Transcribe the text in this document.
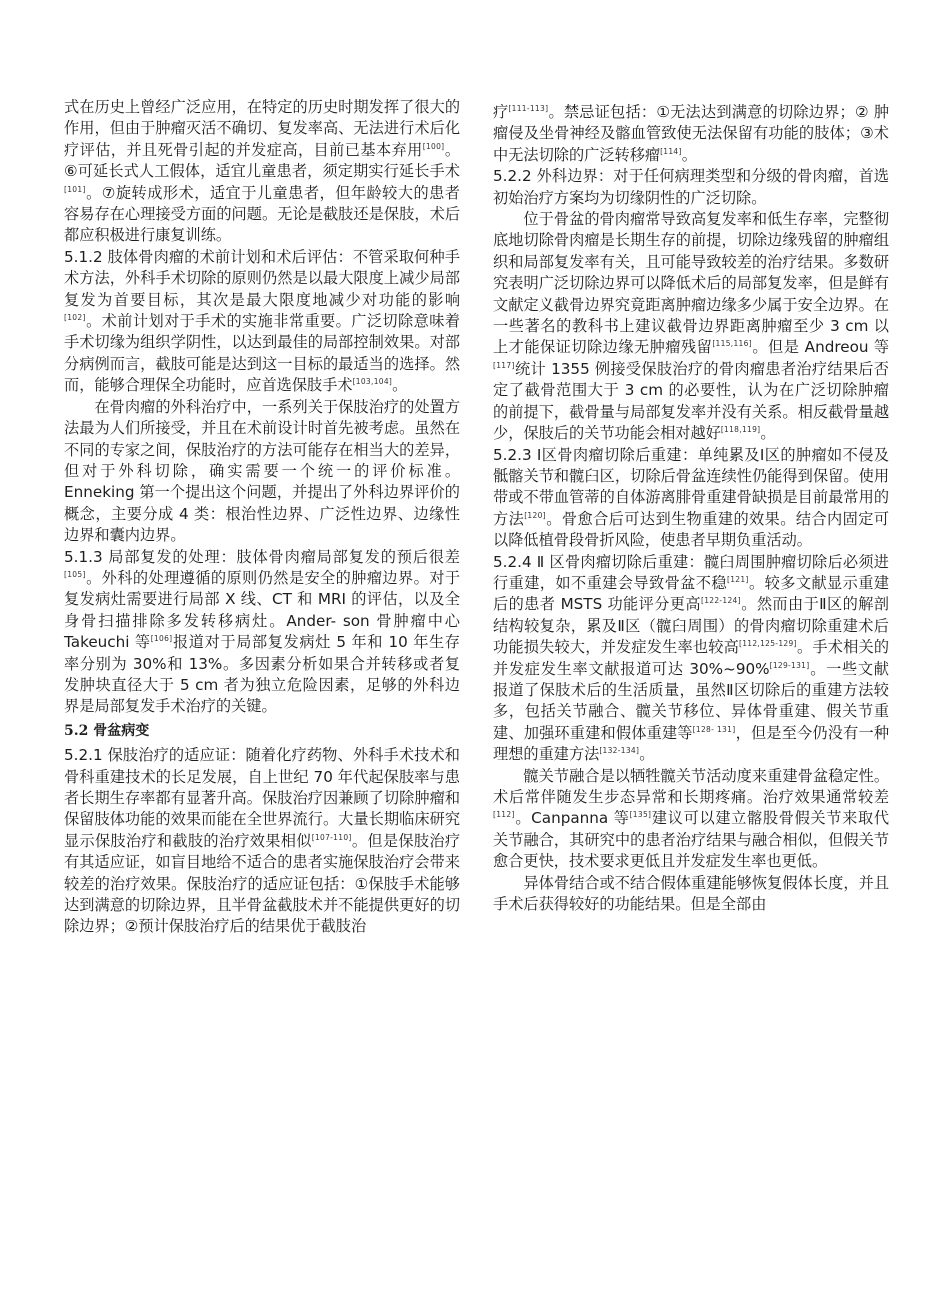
式在历史上曾经广泛应用，在特定的历史时期发挥了很大的作用，但由于肿瘤灭活不确切、复发率高、无法进行术后化疗评估，并且死骨引起的并发症高，目前已基本弃用[100]。⑥可延长式人工假体，适宜儿童患者，须定期实行延长手术[101]。⑦旋转成形术，适宜于儿童患者，但年龄较大的患者容易存在心理接受方面的问题。无论是截肢还是保肢，术后都应积极进行康复训练。

5.1.2 肢体骨肉瘤的术前计划和术后评估：不管采取何种手术方法，外科手术切除的原则仍然是以最大限度上减少局部复发为首要目标，其次是最大限度地减少对功能的影响[102]。术前计划对于手术的实施非常重要。广泛切除意味着手术切缘为组织学阴性，以达到最佳的局部控制效果。对部分病例而言，截肢可能是达到这一目标的最适当的选择。然而，能够合理保全功能时，应首选保肢手术[103,104]。

在骨肉瘤的外科治疗中，一系列关于保肢治疗的处置方法最为人们所接受，并且在术前设计时首先被考虑。虽然在不同的专家之间，保肢治疗的方法可能存在相当大的差异，但对于外科切除，确实需要一个统一的评价标准。 Enneking 第一个提出这个问题，并提出了外科边界评价的概念，主要分成 4 类：根治性边界、广泛性边界、边缘性边界和囊内边界。

5.1.3 局部复发的处理：肢体骨肉瘤局部复发的预后很差[105]。外科的处理遵循的原则仍然是安全的肿瘤边界。对于复发病灶需要进行局部 X 线、CT 和 MRI 的评估，以及全身骨扫描排除多发转移病灶。Ander- son 骨肿瘤中心 Takeuchi 等[106]报道对于局部复发病灶 5 年和 10 年生存率分别为 30%和 13%。多因素分析如果合并转移或者复发肿块直径大于 5 cm 者为独立危险因素，足够的外科边界是局部复发手术治疗的关键。

5.2 骨盆病变

5.2.1 保肢治疗的适应证：随着化疗药物、外科手术技术和骨科重建技术的长足发展，自上世纪 70 年代起保肢率与患者长期生存率都有显著升高。保肢治疗因兼顾了切除肿瘤和保留肢体功能的效果而能在全世界流行。大量长期临床研究显示保肢治疗和截肢的治疗效果相似[107-110]。但是保肢治疗有其适应证，如盲目地给不适合的患者实施保肢治疗会带来较差的治疗效果。保肢治疗的适应证包括：①保肢手术能够达到满意的切除边界，且半骨盆截肢术并不能提供更好的切除边界；②预计保肢治疗后的结果优于截肢治

疗[111-113]。禁忌证包括：①无法达到满意的切除边界；② 肿瘤侵及坐骨神经及髂血管致使无法保留有功能的肢体；③术中无法切除的广泛转移瘤[114]。

5.2.2 外科边界：对于任何病理类型和分级的骨肉瘤，首选初始治疗方案均为切缘阴性的广泛切除。

位于骨盆的骨肉瘤常导致高复发率和低生存率，完整彻底地切除骨肉瘤是长期生存的前提，切除边缘残留的肿瘤组织和局部复发率有关，且可能导致较差的治疗结果。多数研究表明广泛切除边界可以降低术后的局部复发率，但是鲜有文献定义截骨边界究竟距离肿瘤边缘多少属于安全边界。在一些著名的教科书上建议截骨边界距离肿瘤至少 3 cm 以上才能保证切除边缘无肿瘤残留[115,116]。但是 Andreou 等[117]统计 1355 例接受保肢治疗的骨肉瘤患者治疗结果后否定了截骨范围大于 3 cm 的必要性，认为在广泛切除肿瘤的前提下，截骨量与局部复发率并没有关系。相反截骨量越少，保肢后的关节功能会相对越好[118,119]。

5.2.3 Ⅰ区骨肉瘤切除后重建：单纯累及Ⅰ区的肿瘤如不侵及骶髂关节和髋臼区，切除后骨盆连续性仍能得到保留。使用带或不带血管蒂的自体游离腓骨重建骨缺损是目前最常用的方法[120]。骨愈合后可达到生物重建的效果。结合内固定可以降低植骨段骨折风险，使患者早期负重活动。

5.2.4 Ⅱ 区骨肉瘤切除后重建：髋臼周围肿瘤切除后必须进行重建，如不重建会导致骨盆不稳[121]。较多文献显示重建后的患者 MSTS 功能评分更高[122-124]。然而由于Ⅱ区的解剖结构较复杂，累及Ⅱ区（髋臼周围）的骨肉瘤切除重建术后功能损失较大，并发症发生率也较高[112,125-129]。手术相关的并发症发生率文献报道可达 30%~90%[129-131]。一些文献报道了保肢术后的生活质量，虽然Ⅱ区切除后的重建方法较多，包括关节融合、髋关节移位、异体骨重建、假关节重建、加强环重建和假体重建等[128- 131]，但是至今仍没有一种理想的重建方法[132-134]。

髋关节融合是以牺牲髋关节活动度来重建骨盆稳定性。术后常伴随发生步态异常和长期疼痛。治疗效果通常较差[112]。Canpanna 等[135]建议可以建立髂股骨假关节来取代关节融合，其研究中的患者治疗结果与融合相似，但假关节愈合更快，技术要求更低且并发症发生率也更低。

异体骨结合或不结合假体重建能够恢复假体长度，并且手术后获得较好的功能结果。但是全部由
